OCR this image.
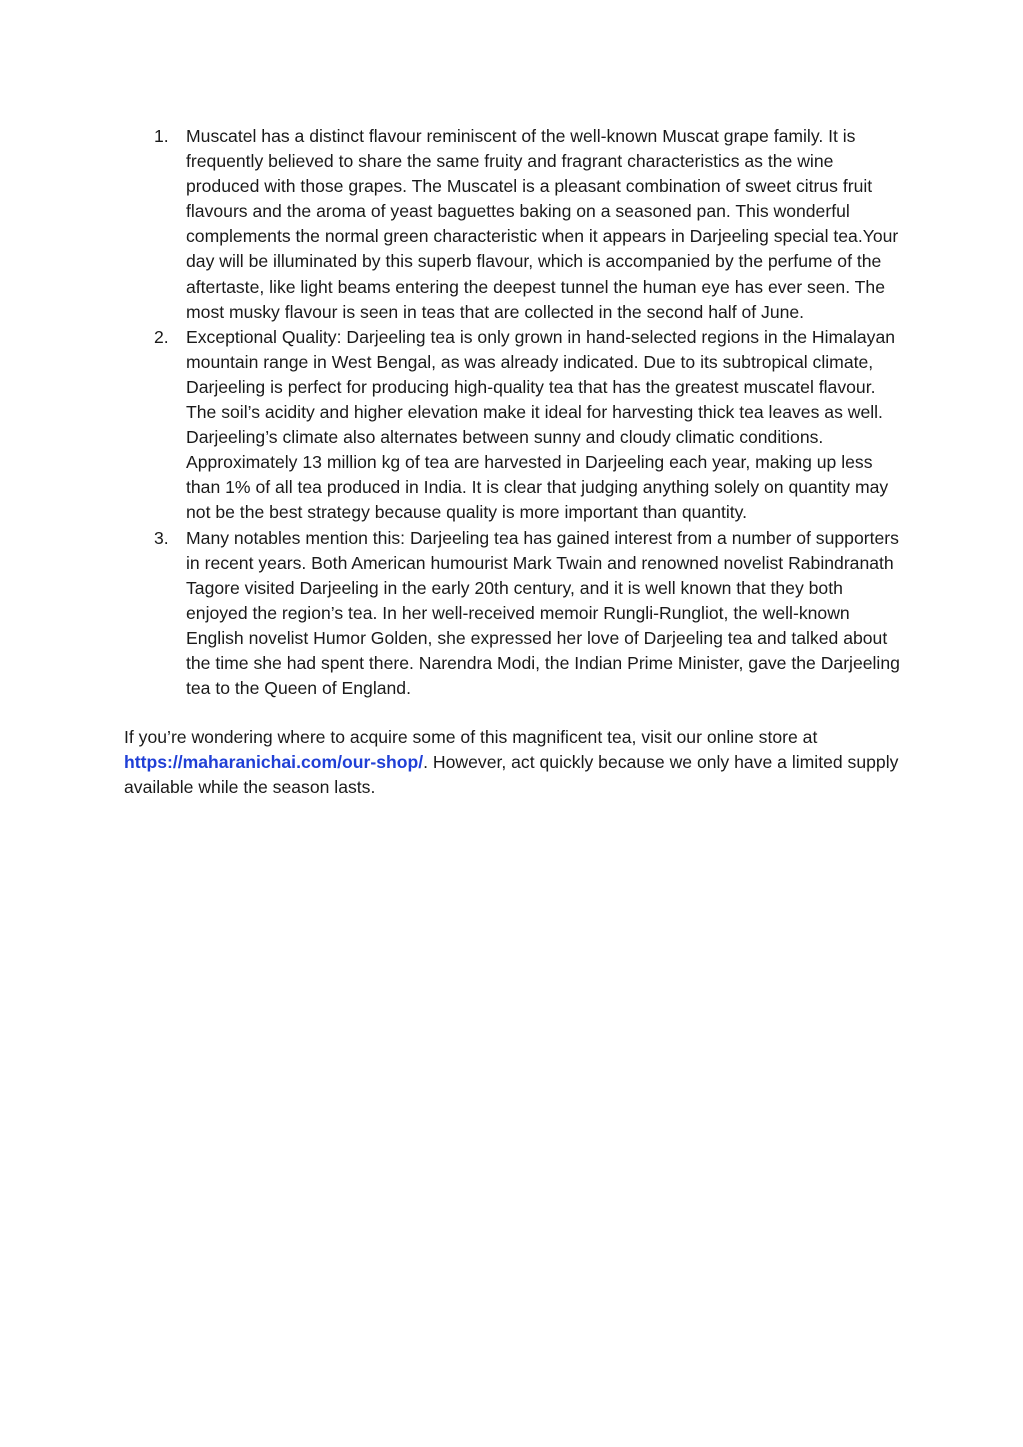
1. Muscatel has a distinct flavour reminiscent of the well-known Muscat grape family. It is frequently believed to share the same fruity and fragrant characteristics as the wine produced with those grapes. The Muscatel is a pleasant combination of sweet citrus fruit flavours and the aroma of yeast baguettes baking on a seasoned pan. This wonderful complements the normal green characteristic when it appears in Darjeeling special tea.Your day will be illuminated by this superb flavour, which is accompanied by the perfume of the aftertaste, like light beams entering the deepest tunnel the human eye has ever seen. The most musky flavour is seen in teas that are collected in the second half of June.
2. Exceptional Quality: Darjeeling tea is only grown in hand-selected regions in the Himalayan mountain range in West Bengal, as was already indicated. Due to its subtropical climate, Darjeeling is perfect for producing high-quality tea that has the greatest muscatel flavour. The soil’s acidity and higher elevation make it ideal for harvesting thick tea leaves as well. Darjeeling’s climate also alternates between sunny and cloudy climatic conditions. Approximately 13 million kg of tea are harvested in Darjeeling each year, making up less than 1% of all tea produced in India. It is clear that judging anything solely on quantity may not be the best strategy because quality is more important than quantity.
3. Many notables mention this: Darjeeling tea has gained interest from a number of supporters in recent years. Both American humourist Mark Twain and renowned novelist Rabindranath Tagore visited Darjeeling in the early 20th century, and it is well known that they both enjoyed the region’s tea. In her well-received memoir Rungli-Rungliot, the well-known English novelist Humor Golden, she expressed her love of Darjeeling tea and talked about the time she had spent there. Narendra Modi, the Indian Prime Minister, gave the Darjeeling tea to the Queen of England.

If you’re wondering where to acquire some of this magnificent tea, visit our online store at https://maharanichai.com/our-shop/. However, act quickly because we only have a limited supply available while the season lasts.
